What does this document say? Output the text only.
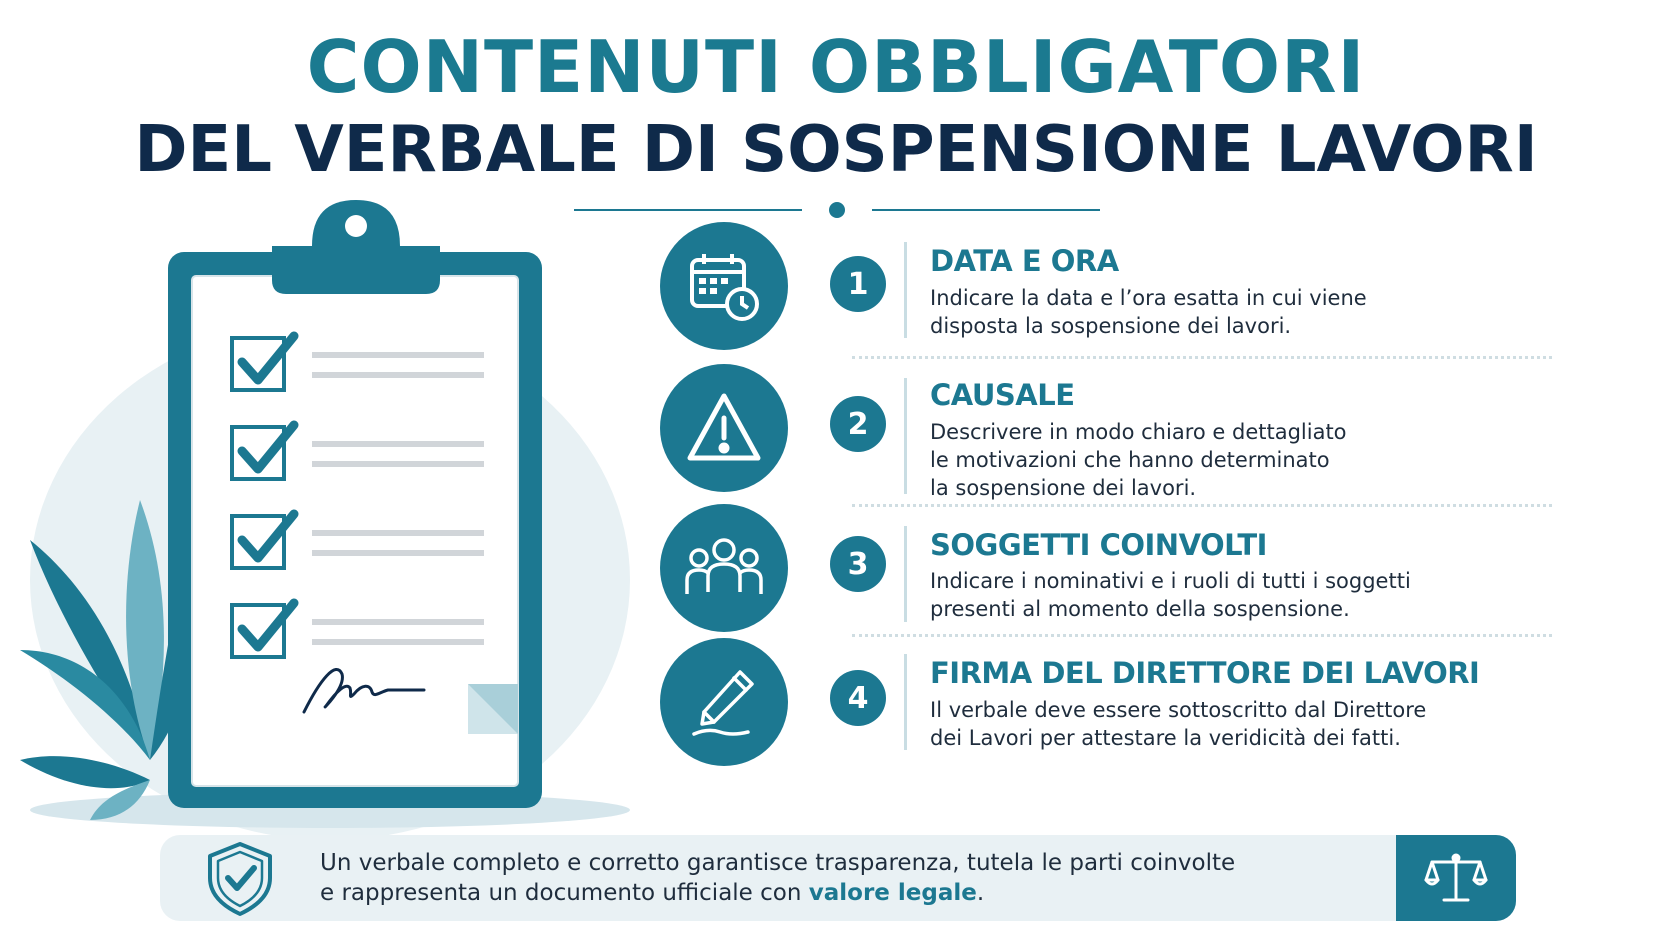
CONTENUTI OBBLIGATORI
DEL VERBALE DI SOSPENSIONE LAVORI
1
DATA E ORA
Indicare la data e l’ora esatta in cui viene
disposta la sospensione dei lavori.
2
CAUSALE
Descrivere in modo chiaro e dettagliato
le motivazioni che hanno determinato
la sospensione dei lavori.
3
SOGGETTI COINVOLTI
Indicare i nominativi e i ruoli di tutti i soggetti
presenti al momento della sospensione.
4
FIRMA DEL DIRETTORE DEI LAVORI
Il verbale deve essere sottoscritto dal Direttore
dei Lavori per attestare la veridicità dei fatti.
Un verbale completo e corretto garantisce trasparenza, tutela le parti coinvolte
e rappresenta un documento ufficiale con valore legale.
